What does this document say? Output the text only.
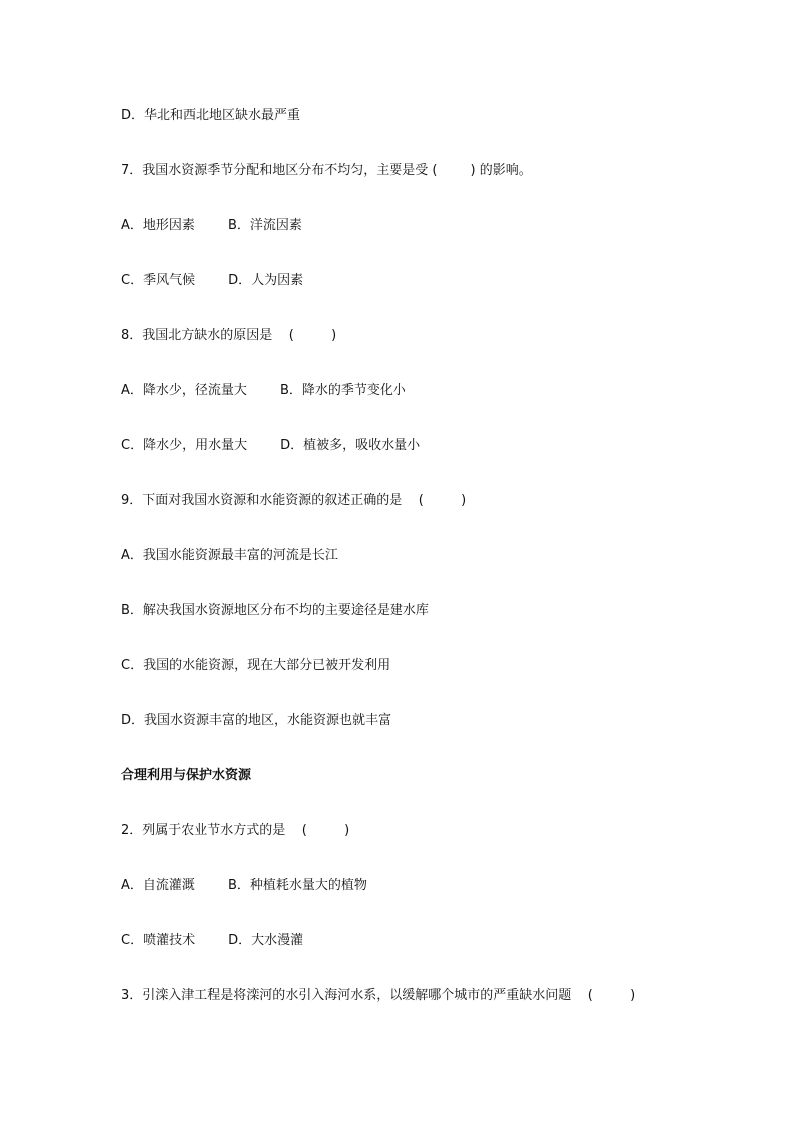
D．华北和西北地区缺水最严重

7．我国水资源季节分配和地区分布不均匀，主要是受 (        ) 的影响。

A．地形因素        B．洋流因素

C．季风气候        D．人为因素

8．我国北方缺水的原因是    (         )

A．降水少，径流量大        B．降水的季节变化小

C．降水少，用水量大        D．植被多，吸收水量小

9．下面对我国水资源和水能资源的叙述正确的是    (         )

A．我国水能资源最丰富的河流是长江

B．解决我国水资源地区分布不均的主要途径是建水库

C．我国的水能资源，现在大部分已被开发利用

D．我国水资源丰富的地区，水能资源也就丰富

合理利用与保护水资源

2．列属于农业节水方式的是    (         )

A．自流灌溉        B．种植耗水量大的植物

C．喷灌技术        D．大水漫灌

3．引滦入津工程是将滦河的水引入海河水系，以缓解哪个城市的严重缺水问题    (         )
